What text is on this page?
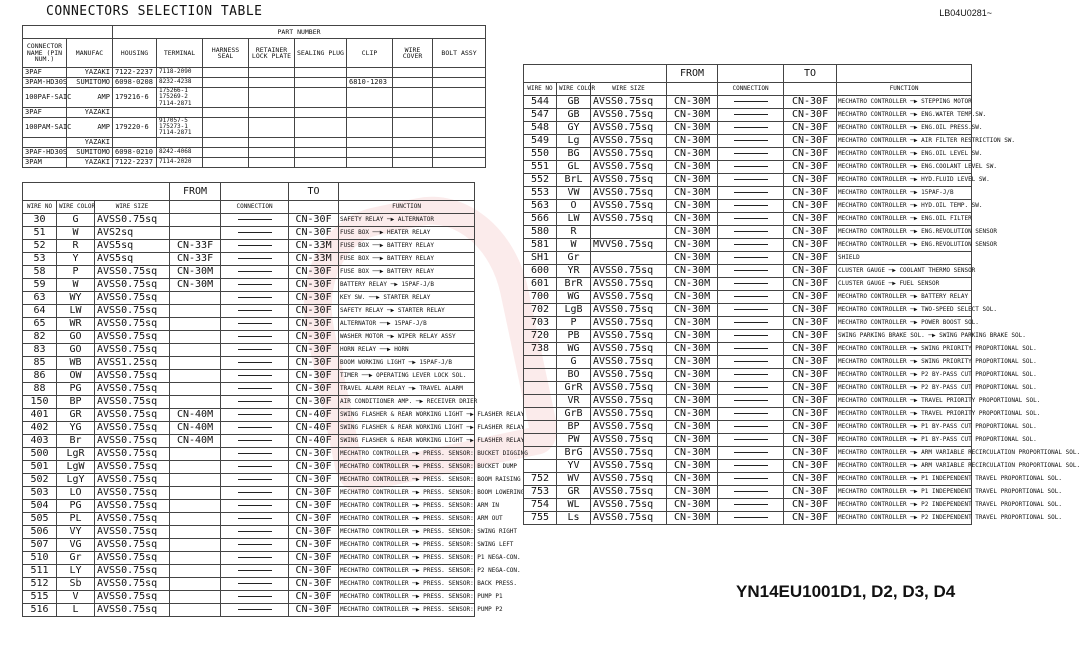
CONNECTORS SELECTION TABLE	LB04U0281~
		PART NUMBER							
CONNECTOR NAME (PIN NUM.)	MANUFAC	HOUSING	TERMINAL	HARNESS SEAL	RETAINER LOCK PLATE	SEALING PLUG	CLIP	WIRE COVER	BOLT ASSY
3PAF	YAZAKI	7122-2237	7118-2090						
3PAM-HD30S	SUMITOMO	6098-0208	8232-4238				6810-1203		
100PAF-SAIC	AMP	179216-6	175266-1 175269-2 7114-2871						
3PAF	YAZAKI								
100PAM-SAIC	AMP	179220-6	917057-5 175273-1 7114-2871						
	YAZAKI								
3PAF-HD30S	SUMITOMO	6098-0210	8242-4068						
3PAM	YAZAKI	7122-2237	7114-2020						
			FROM		TO	
WIRE NO	WIRE COLOR	WIRE SIZE		CONNECTION		FUNCTION
30	G	AVSS0.75sq			CN-30F	SAFETY RELAY ─▶ ALTERNATOR
51	W	AVS2sq			CN-30F	FUSE BOX ──▶ HEATER RELAY
52	R	AVS5sq	CN-33F		CN-33M	FUSE BOX ──▶ BATTERY RELAY
53	Y	AVS5sq	CN-33F		CN-33M	FUSE BOX ──▶ BATTERY RELAY
58	P	AVSS0.75sq	CN-30M		CN-30F	FUSE BOX ──▶ BATTERY RELAY
59	W	AVSS0.75sq	CN-30M		CN-30F	BATTERY RELAY ─▶ 15PAF-J/B
63	WY	AVSS0.75sq			CN-30F	KEY SW. ──▶ STARTER RELAY
64	LW	AVSS0.75sq			CN-30F	SAFETY RELAY ─▶ STARTER RELAY
65	WR	AVSS0.75sq			CN-30F	ALTERNATOR ──▶ 15PAF-J/B
82	GO	AVSS0.75sq			CN-30F	WASHER MOTOR ─▶ WIPER RELAY ASSY
83	GO	AVSS0.75sq			CN-30F	HORN RELAY ──▶ HORN
85	WB	AVSS1.25sq			CN-30F	BOOM WORKING LIGHT ─▶ 15PAF-J/B
86	OW	AVSS0.75sq			CN-30F	TIMER ──▶ OPERATING LEVER LOCK SOL.
88	PG	AVSS0.75sq			CN-30F	TRAVEL ALARM RELAY ─▶ TRAVEL ALARM
150	BP	AVSS0.75sq			CN-30F	AIR CONDITIONER AMP. ─▶ RECEIVER DRIER
401	GR	AVSS0.75sq	CN-40M		CN-40F	SWING FLASHER & REAR WORKING LIGHT ─▶ FLASHER RELAY
402	YG	AVSS0.75sq	CN-40M		CN-40F	SWING FLASHER & REAR WORKING LIGHT ─▶ FLASHER RELAY
403	Br	AVSS0.75sq	CN-40M		CN-40F	SWING FLASHER & REAR WORKING LIGHT ─▶ FLASHER RELAY
500	LgR	AVSS0.75sq			CN-30F	MECHATRO CONTROLLER ─▶ PRESS. SENSOR: BUCKET DIGGING
501	LgW	AVSS0.75sq			CN-30F	MECHATRO CONTROLLER ─▶ PRESS. SENSOR: BUCKET DUMP
502	LgY	AVSS0.75sq			CN-30F	MECHATRO CONTROLLER ─▶ PRESS. SENSOR: BOOM RAISING
503	LO	AVSS0.75sq			CN-30F	MECHATRO CONTROLLER ─▶ PRESS. SENSOR: BOOM LOWERING
504	PG	AVSS0.75sq			CN-30F	MECHATRO CONTROLLER ─▶ PRESS. SENSOR: ARM IN
505	PL	AVSS0.75sq			CN-30F	MECHATRO CONTROLLER ─▶ PRESS. SENSOR: ARM OUT
506	VY	AVSS0.75sq			CN-30F	MECHATRO CONTROLLER ─▶ PRESS. SENSOR: SWING RIGHT
507	VG	AVSS0.75sq			CN-30F	MECHATRO CONTROLLER ─▶ PRESS. SENSOR: SWING LEFT
510	Gr	AVSS0.75sq			CN-30F	MECHATRO CONTROLLER ─▶ PRESS. SENSOR: P1 NEGA-CON.
511	LY	AVSS0.75sq			CN-30F	MECHATRO CONTROLLER ─▶ PRESS. SENSOR: P2 NEGA-CON.
512	Sb	AVSS0.75sq			CN-30F	MECHATRO CONTROLLER ─▶ PRESS. SENSOR: BACK PRESS.
515	V	AVSS0.75sq			CN-30F	MECHATRO CONTROLLER ─▶ PRESS. SENSOR: PUMP P1
516	L	AVSS0.75sq			CN-30F	MECHATRO CONTROLLER ─▶ PRESS. SENSOR: PUMP P2
			FROM		TO	
WIRE NO	WIRE COLOR	WIRE SIZE		CONNECTION		FUNCTION
544	GB	AVSS0.75sq	CN-30M		CN-30F	MECHATRO CONTROLLER ─▶ STEPPING MOTOR
547	GB	AVSS0.75sq	CN-30M		CN-30F	MECHATRO CONTROLLER ─▶ ENG.WATER TEMP.SW.
548	GY	AVSS0.75sq	CN-30M		CN-30F	MECHATRO CONTROLLER ─▶ ENG.OIL PRESS.SW.
549	Lg	AVSS0.75sq	CN-30M		CN-30F	MECHATRO CONTROLLER ─▶ AIR FILTER RESTRICTION SW.
550	BG	AVSS0.75sq	CN-30M		CN-30F	MECHATRO CONTROLLER ─▶ ENG.OIL LEVEL SW.
551	GL	AVSS0.75sq	CN-30M		CN-30F	MECHATRO CONTROLLER ─▶ ENG.COOLANT LEVEL SW.
552	BrL	AVSS0.75sq	CN-30M		CN-30F	MECHATRO CONTROLLER ─▶ HYD.FLUID LEVEL SW.
553	VW	AVSS0.75sq	CN-30M		CN-30F	MECHATRO CONTROLLER ─▶ 15PAF-J/B
563	O	AVSS0.75sq	CN-30M		CN-30F	MECHATRO CONTROLLER ─▶ HYD.OIL TEMP. SW.
566	LW	AVSS0.75sq	CN-30M		CN-30F	MECHATRO CONTROLLER ─▶ ENG.OIL FILTER
580	R		CN-30M		CN-30F	MECHATRO CONTROLLER ─▶ ENG.REVOLUTION SENSOR
581	W	MVVS0.75sq	CN-30M		CN-30F	MECHATRO CONTROLLER ─▶ ENG.REVOLUTION SENSOR
SH1	Gr		CN-30M		CN-30F	SHIELD
600	YR	AVSS0.75sq	CN-30M		CN-30F	CLUSTER GAUGE ─▶ COOLANT THERMO SENSOR
601	BrR	AVSS0.75sq	CN-30M		CN-30F	CLUSTER GAUGE ─▶ FUEL SENSOR
700	WG	AVSS0.75sq	CN-30M		CN-30F	MECHATRO CONTROLLER ─▶ BATTERY RELAY
702	LgB	AVSS0.75sq	CN-30M		CN-30F	MECHATRO CONTROLLER ─▶ TWO-SPEED SELECT SOL.
703	P	AVSS0.75sq	CN-30M		CN-30F	MECHATRO CONTROLLER ─▶ POWER BOOST SOL.
720	PB	AVSS0.75sq	CN-30M		CN-30F	SWING PARKING BRAKE SOL. ─▶ SWING PARKING BRAKE SOL.
738	WG	AVSS0.75sq	CN-30M		CN-30F	MECHATRO CONTROLLER ─▶ SWING PRIORITY PROPORTIONAL SOL.
	G	AVSS0.75sq	CN-30M		CN-30F	MECHATRO CONTROLLER ─▶ SWING PRIORITY PROPORTIONAL SOL.
	BO	AVSS0.75sq	CN-30M		CN-30F	MECHATRO CONTROLLER ─▶ P2 BY-PASS CUT PROPORTIONAL SOL.
	GrR	AVSS0.75sq	CN-30M		CN-30F	MECHATRO CONTROLLER ─▶ P2 BY-PASS CUT PROPORTIONAL SOL.
	VR	AVSS0.75sq	CN-30M		CN-30F	MECHATRO CONTROLLER ─▶ TRAVEL PRIORITY PROPORTIONAL SOL.
	GrB	AVSS0.75sq	CN-30M		CN-30F	MECHATRO CONTROLLER ─▶ TRAVEL PRIORITY PROPORTIONAL SOL.
	BP	AVSS0.75sq	CN-30M		CN-30F	MECHATRO CONTROLLER ─▶ P1 BY-PASS CUT PROPORTIONAL SOL.
	PW	AVSS0.75sq	CN-30M		CN-30F	MECHATRO CONTROLLER ─▶ P1 BY-PASS CUT PROPORTIONAL SOL.
	BrG	AVSS0.75sq	CN-30M		CN-30F	MECHATRO CONTROLLER ─▶ ARM VARIABLE RECIRCULATION PROPORTIONAL SOL.
	YV	AVSS0.75sq	CN-30M		CN-30F	MECHATRO CONTROLLER ─▶ ARM VARIABLE RECIRCULATION PROPORTIONAL SOL.
752	WV	AVSS0.75sq	CN-30M		CN-30F	MECHATRO CONTROLLER ─▶ P1 INDEPENDENT TRAVEL PROPORTIONAL SOL.
753	GR	AVSS0.75sq	CN-30M		CN-30F	MECHATRO CONTROLLER ─▶ P1 INDEPENDENT TRAVEL PROPORTIONAL SOL.
754	WL	AVSS0.75sq	CN-30M		CN-30F	MECHATRO CONTROLLER ─▶ P2 INDEPENDENT TRAVEL PROPORTIONAL SOL.
755	Ls	AVSS0.75sq	CN-30M		CN-30F	MECHATRO CONTROLLER ─▶ P2 INDEPENDENT TRAVEL PROPORTIONAL SOL.
YN14EU1001D1, D2, D3, D4
